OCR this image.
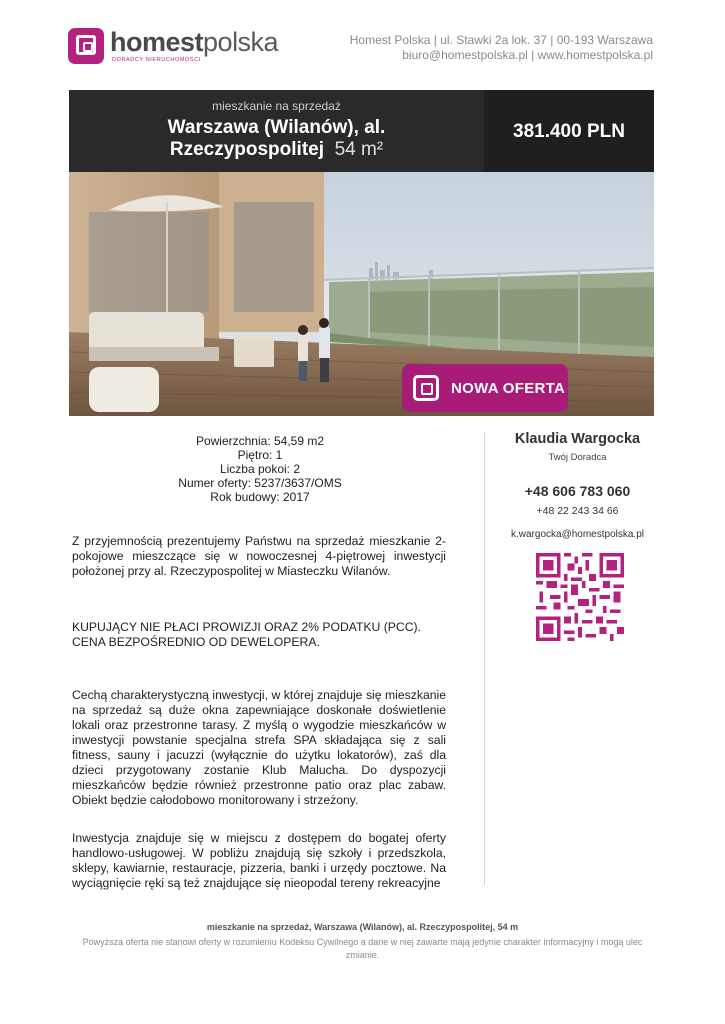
homestpolska
DORADCY NIERUCHOMOŚCI
Homest Polska | ul. Stawki 2a lok. 37 | 00-193 Warszawa
biuro@homestpolska.pl | www.homestpolska.pl
mieszkanie na sprzedaż
Warszawa (Wilanów), al.
Rzeczypospolitej 54 m²
381.400 PLN
NOWA OFERTA
Powierzchnia: 54,59 m2
Piętro: 1
Liczba pokoi: 2
Numer oferty: 5237/3637/OMS
Rok budowy: 2017
Z przyjemnością prezentujemy Państwu na sprzedaż mieszkanie 2-pokojowe mieszczące się w nowoczesnej 4-piętrowej inwestycji położonej przy al. Rzeczypospolitej w Miasteczku Wilanów.
KUPUJĄCY NIE PŁACI PROWIZJI ORAZ 2% PODATKU (PCC). CENA BEZPOŚREDNIO OD DEWELOPERA.
Cechą charakterystyczną inwestycji, w której znajduje się mieszkanie na sprzedaż są duże okna zapewniające doskonałe doświetlenie lokali oraz przestronne tarasy. Z myślą o wygodzie mieszkańców w inwestycji powstanie specjalna strefa SPA składająca się z sali fitness, sauny i jacuzzi (wyłącznie do użytku lokatorów), zaś dla dzieci przygotowany zostanie Klub Malucha. Do dyspozycji mieszkańców będzie również przestronne patio oraz plac zabaw. Obiekt będzie całodobowo monitorowany i strzeżony.
Inwestycja znajduje się w miejscu z dostępem do bogatej oferty handlowo-usługowej. W pobliżu znajdują się szkoły i przedszkola, sklepy, kawiarnie, restauracje, pizzeria, banki i urzędy pocztowe. Na wyciągnięcie ręki są też znajdujące się nieopodal tereny rekreacyjne
Klaudia Wargocka
Twój Doradca
+48 606 783 060
+48 22 243 34 66
k.wargocka@homestpolska.pl
mieszkanie na sprzedaż, Warszawa (Wilanów), al. Rzeczypospolitej, 54 m
Powyższa oferta nie stanowi oferty w rozumieniu Kodeksu Cywilnego a dane w niej zawarte mają jedynie charakter informacyjny i mogą ulec zmianie.
